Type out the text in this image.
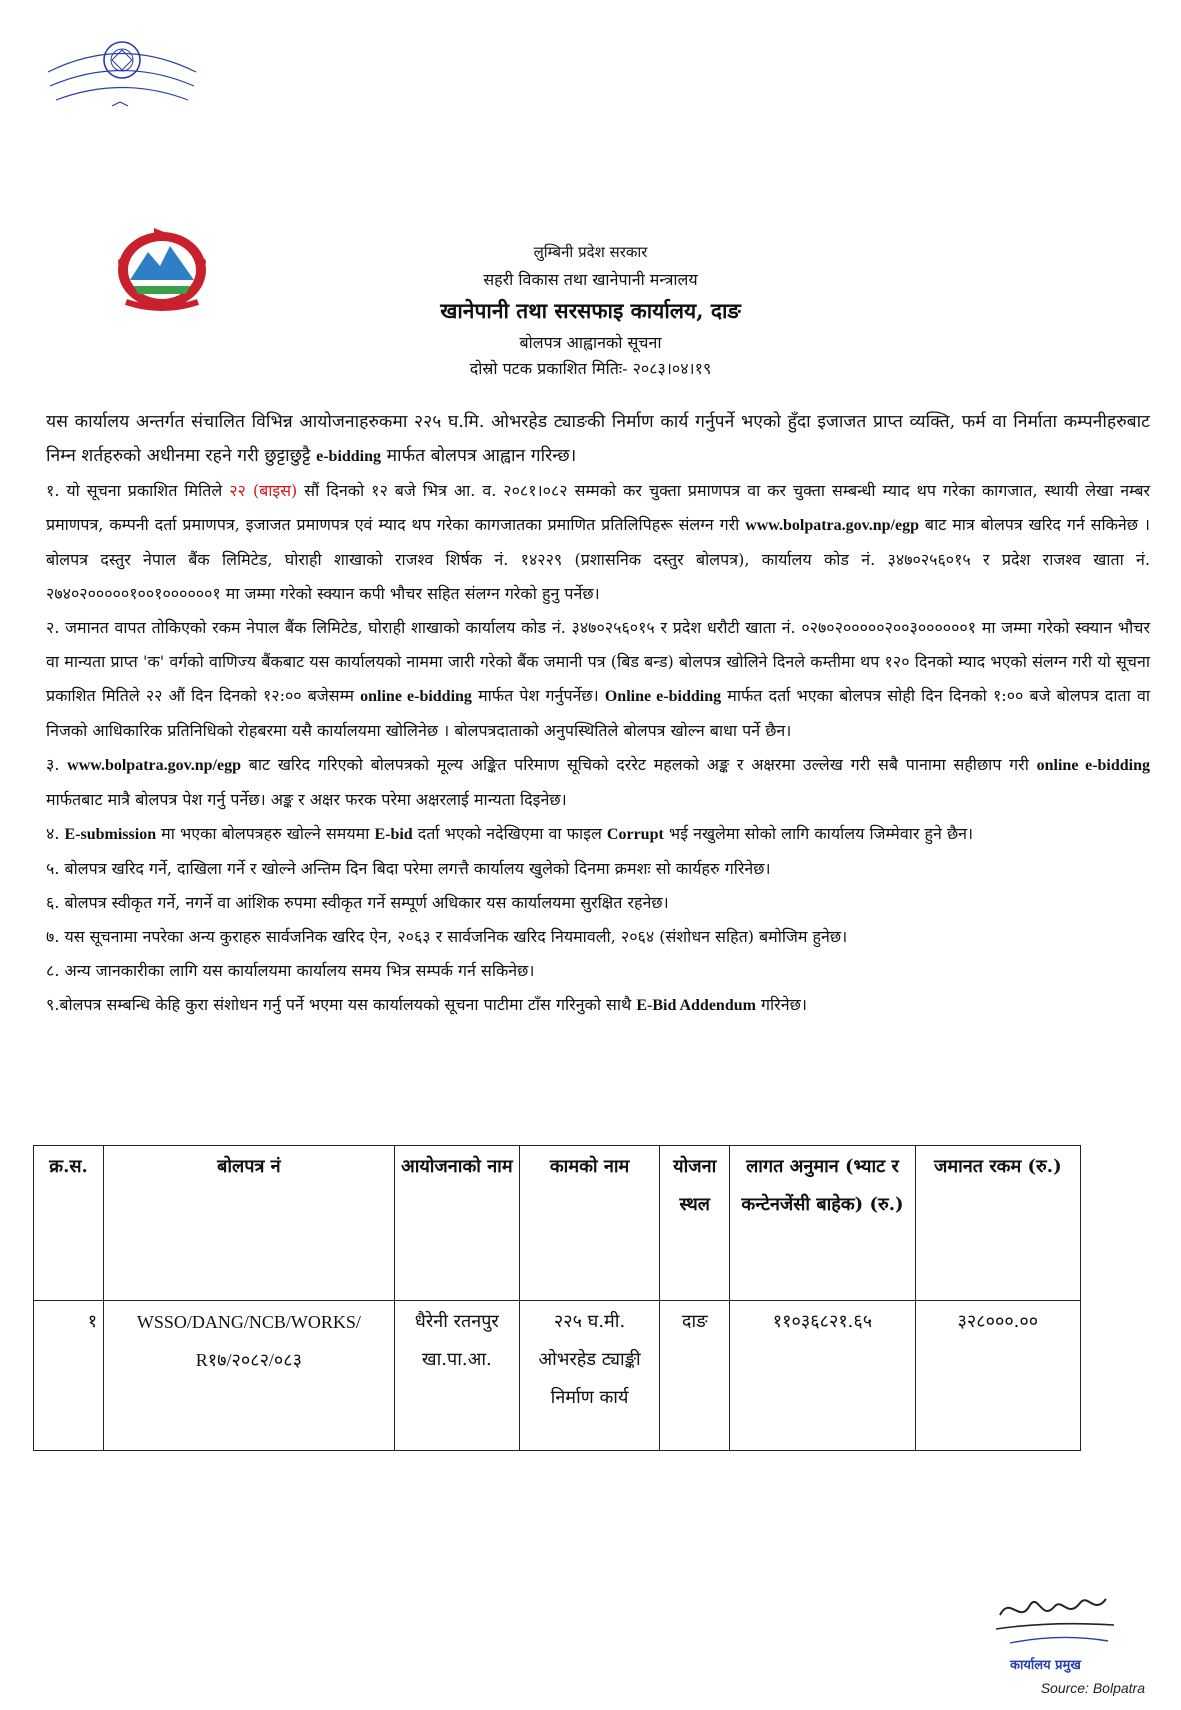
लुम्बिनी प्रदेश सरकार
सहरी विकास तथा खानेपानी मन्त्रालय
खानेपानी तथा सरसफाइ कार्यालय, दाङ
बोलपत्र आह्वानको सूचना
दोस्रो पटक प्रकाशित मितिः- २०८३।०४।१९

यस कार्यालय अन्तर्गत संचालित विभिन्न आयोजनाहरुकमा २२५ घ.मि. ओभरहेड ट्याङकी निर्माण कार्य गर्नुपर्ने भएको हुँदा इजाजत प्राप्त व्यक्ति, फर्म वा निर्माता कम्पनीहरुबाट निम्न शर्तहरुको अधीनमा रहने गरी छुट्टाछुट्टै e-bidding मार्फत बोलपत्र आह्वान गरिन्छ।

१. यो सूचना प्रकाशित मितिले २२ (बाइस) सौं दिनको १२ बजे भित्र आ. व. २०८१।०८२ सम्मको कर चुक्ता प्रमाणपत्र वा कर चुक्ता सम्बन्धी म्याद थप गरेका कागजात, स्थायी लेखा नम्बर प्रमाणपत्र, कम्पनी दर्ता प्रमाणपत्र, इजाजत प्रमाणपत्र एवं म्याद थप गरेका कागजातका प्रमाणित प्रतिलिपिहरू संलग्न गरी www.bolpatra.gov.np/egp बाट मात्र बोलपत्र खरिद गर्न सकिनेछ । बोलपत्र दस्तुर नेपाल बैंक लिमिटेड, घोराही शाखाको राजश्व शिर्षक नं. १४२२९ (प्रशासनिक दस्तुर बोलपत्र), कार्यालय कोड नं. ३४७०२५६०१५ र प्रदेश राजश्व खाता नं. २७४०२०००००१००१००००००१ मा जम्मा गरेको स्क्यान कपी भौचर सहित संलग्न गरेको हुनु पर्नेछ।

२. जमानत वापत तोकिएको रकम नेपाल बैंक लिमिटेड, घोराही शाखाको कार्यालय कोड नं. ३४७०२५६०१५ र प्रदेश धरौटी खाता नं. ०२७०२०००००२००३००००००१ मा जम्मा गरेको स्क्यान भौचर वा मान्यता प्राप्त 'क' वर्गको वाणिज्य बैंकबाट यस कार्यालयको नाममा जारी गरेको बैंक जमानी पत्र (बिड बन्ड) बोलपत्र खोलिने दिनले कम्तीमा थप १२० दिनको म्याद भएको संलग्न गरी यो सूचना प्रकाशित मितिले २२ औं दिन दिनको १२:०० बजेसम्म online e-bidding मार्फत पेश गर्नुपर्नेछ। Online e-bidding मार्फत दर्ता भएका बोलपत्र सोही दिन दिनको १:०० बजे बोलपत्र दाता वा निजको आधिकारिक प्रतिनिधिको रोहबरमा यसै कार्यालयमा खोलिनेछ । बोलपत्रदाताको अनुपस्थितिले बोलपत्र खोल्न बाधा पर्ने छैन।

३. www.bolpatra.gov.np/egp बाट खरिद गरिएको बोलपत्रको मूल्य अङ्कित परिमाण सूचिको दररेट महलको अङ्क र अक्षरमा उल्लेख गरी सबै पानामा सहीछाप गरी online e-bidding मार्फतबाट मात्रै बोलपत्र पेश गर्नु पर्नेछ। अङ्क र अक्षर फरक परेमा अक्षरलाई मान्यता दिइनेछ।

४. E-submission मा भएका बोलपत्रहरु खोल्ने समयमा E-bid दर्ता भएको नदेखिएमा वा फाइल Corrupt भई नखुलेमा सोको लागि कार्यालय जिम्मेवार हुने छैन।

५. बोलपत्र खरिद गर्ने, दाखिला गर्ने र खोल्ने अन्तिम दिन बिदा परेमा लगत्तै कार्यालय खुलेको दिनमा क्रमशः सो कार्यहरु गरिनेछ।

६. बोलपत्र स्वीकृत गर्ने, नगर्ने वा आंशिक रुपमा स्वीकृत गर्ने सम्पूर्ण अधिकार यस कार्यालयमा सुरक्षित रहनेछ।

७. यस सूचनामा नपरेका अन्य कुराहरु सार्वजनिक खरिद ऐन, २०६३ र सार्वजनिक खरिद नियमावली, २०६४ (संशोधन सहित) बमोजिम हुनेछ।

८. अन्य जानकारीका लागि यस कार्यालयमा कार्यालय समय भित्र सम्पर्क गर्न सकिनेछ।

९.बोलपत्र सम्बन्धि केहि कुरा संशोधन गर्नु पर्ने भएमा यस कार्यालयको सूचना पाटीमा टाँस गरिनुको साथै E-Bid Addendum गरिनेछ।

क्र.स.	बोलपत्र नं	आयोजनाको नाम	कामको नाम	योजना स्थल	लागत अनुमान (भ्याट र कन्टेनजेंसी बाहेक) (रु.)	जमानत रकम (रु.)
१	WSSO/DANG/NCB/WORKS/ R१७/२०८२/०८३	धैरेनी रतनपुर खा.पा.आ.	२२५ घ.मी. ओभरहेड ट्याङ्की निर्माण कार्य	दाङ	११०३६८२१.६५	३२८०००.००
कार्यालय प्रमुख
Source: Bolpatra
